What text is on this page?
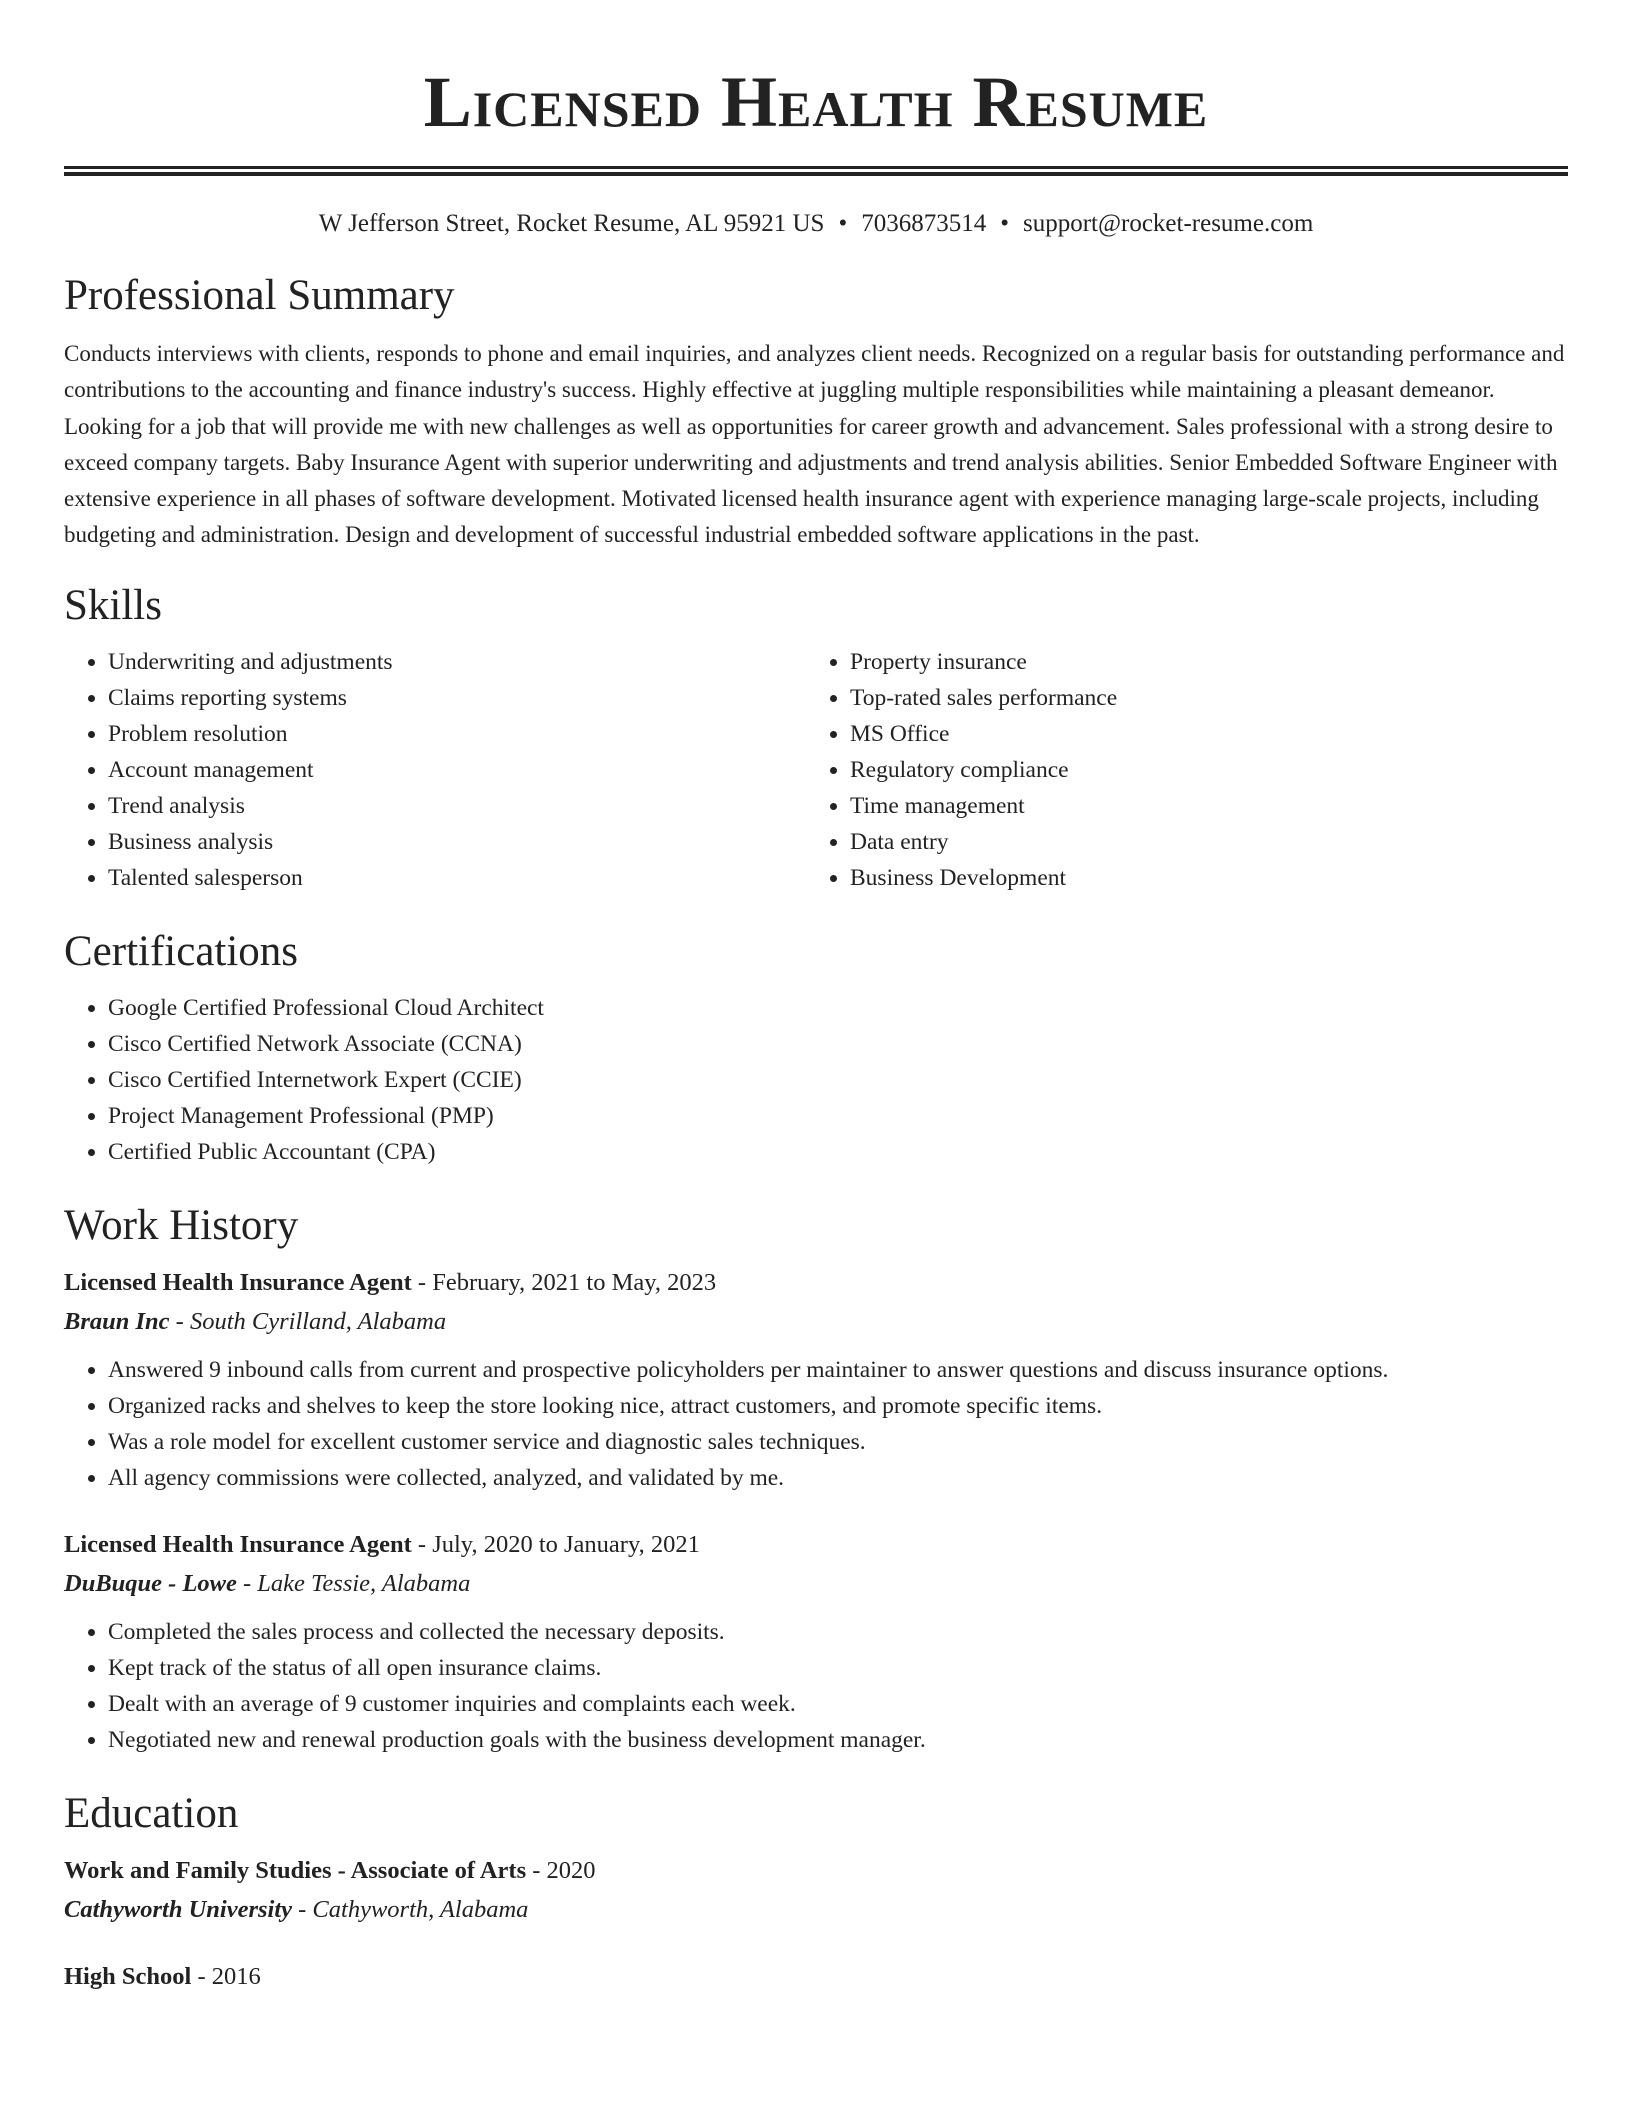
Licensed Health Resume
W Jefferson Street, Rocket Resume, AL 95921 US • 7036873514 • support@rocket-resume.com
Professional Summary

Conducts interviews with clients, responds to phone and email inquiries, and analyzes client needs. Recognized on a regular basis for outstanding performance and contributions to the accounting and finance industry's success. Highly effective at juggling multiple responsibilities while maintaining a pleasant demeanor. Looking for a job that will provide me with new challenges as well as opportunities for career growth and advancement. Sales professional with a strong desire to exceed company targets. Baby Insurance Agent with superior underwriting and adjustments and trend analysis abilities. Senior Embedded Software Engineer with extensive experience in all phases of software development. Motivated licensed health insurance agent with experience managing large-scale projects, including budgeting and administration. Design and development of successful industrial embedded software applications in the past.

Skills
• Underwriting and adjustments
• Claims reporting systems
• Problem resolution
• Account management
• Trend analysis
• Business analysis
• Talented salesperson
• Property insurance
• Top-rated sales performance
• MS Office
• Regulatory compliance
• Time management
• Data entry
• Business Development
Certifications
• Google Certified Professional Cloud Architect
• Cisco Certified Network Associate (CCNA)
• Cisco Certified Internetwork Expert (CCIE)
• Project Management Professional (PMP)
• Certified Public Accountant (CPA)
Work History
Licensed Health Insurance Agent - February, 2021 to May, 2023
Braun Inc - South Cyrilland, Alabama
• Answered 9 inbound calls from current and prospective policyholders per maintainer to answer questions and discuss insurance options.
• Organized racks and shelves to keep the store looking nice, attract customers, and promote specific items.
• Was a role model for excellent customer service and diagnostic sales techniques.
• All agency commissions were collected, analyzed, and validated by me.
Licensed Health Insurance Agent - July, 2020 to January, 2021
DuBuque - Lowe - Lake Tessie, Alabama
• Completed the sales process and collected the necessary deposits.
• Kept track of the status of all open insurance claims.
• Dealt with an average of 9 customer inquiries and complaints each week.
• Negotiated new and renewal production goals with the business development manager.
Education
Work and Family Studies - Associate of Arts - 2020
Cathyworth University - Cathyworth, Alabama
High School - 2016
